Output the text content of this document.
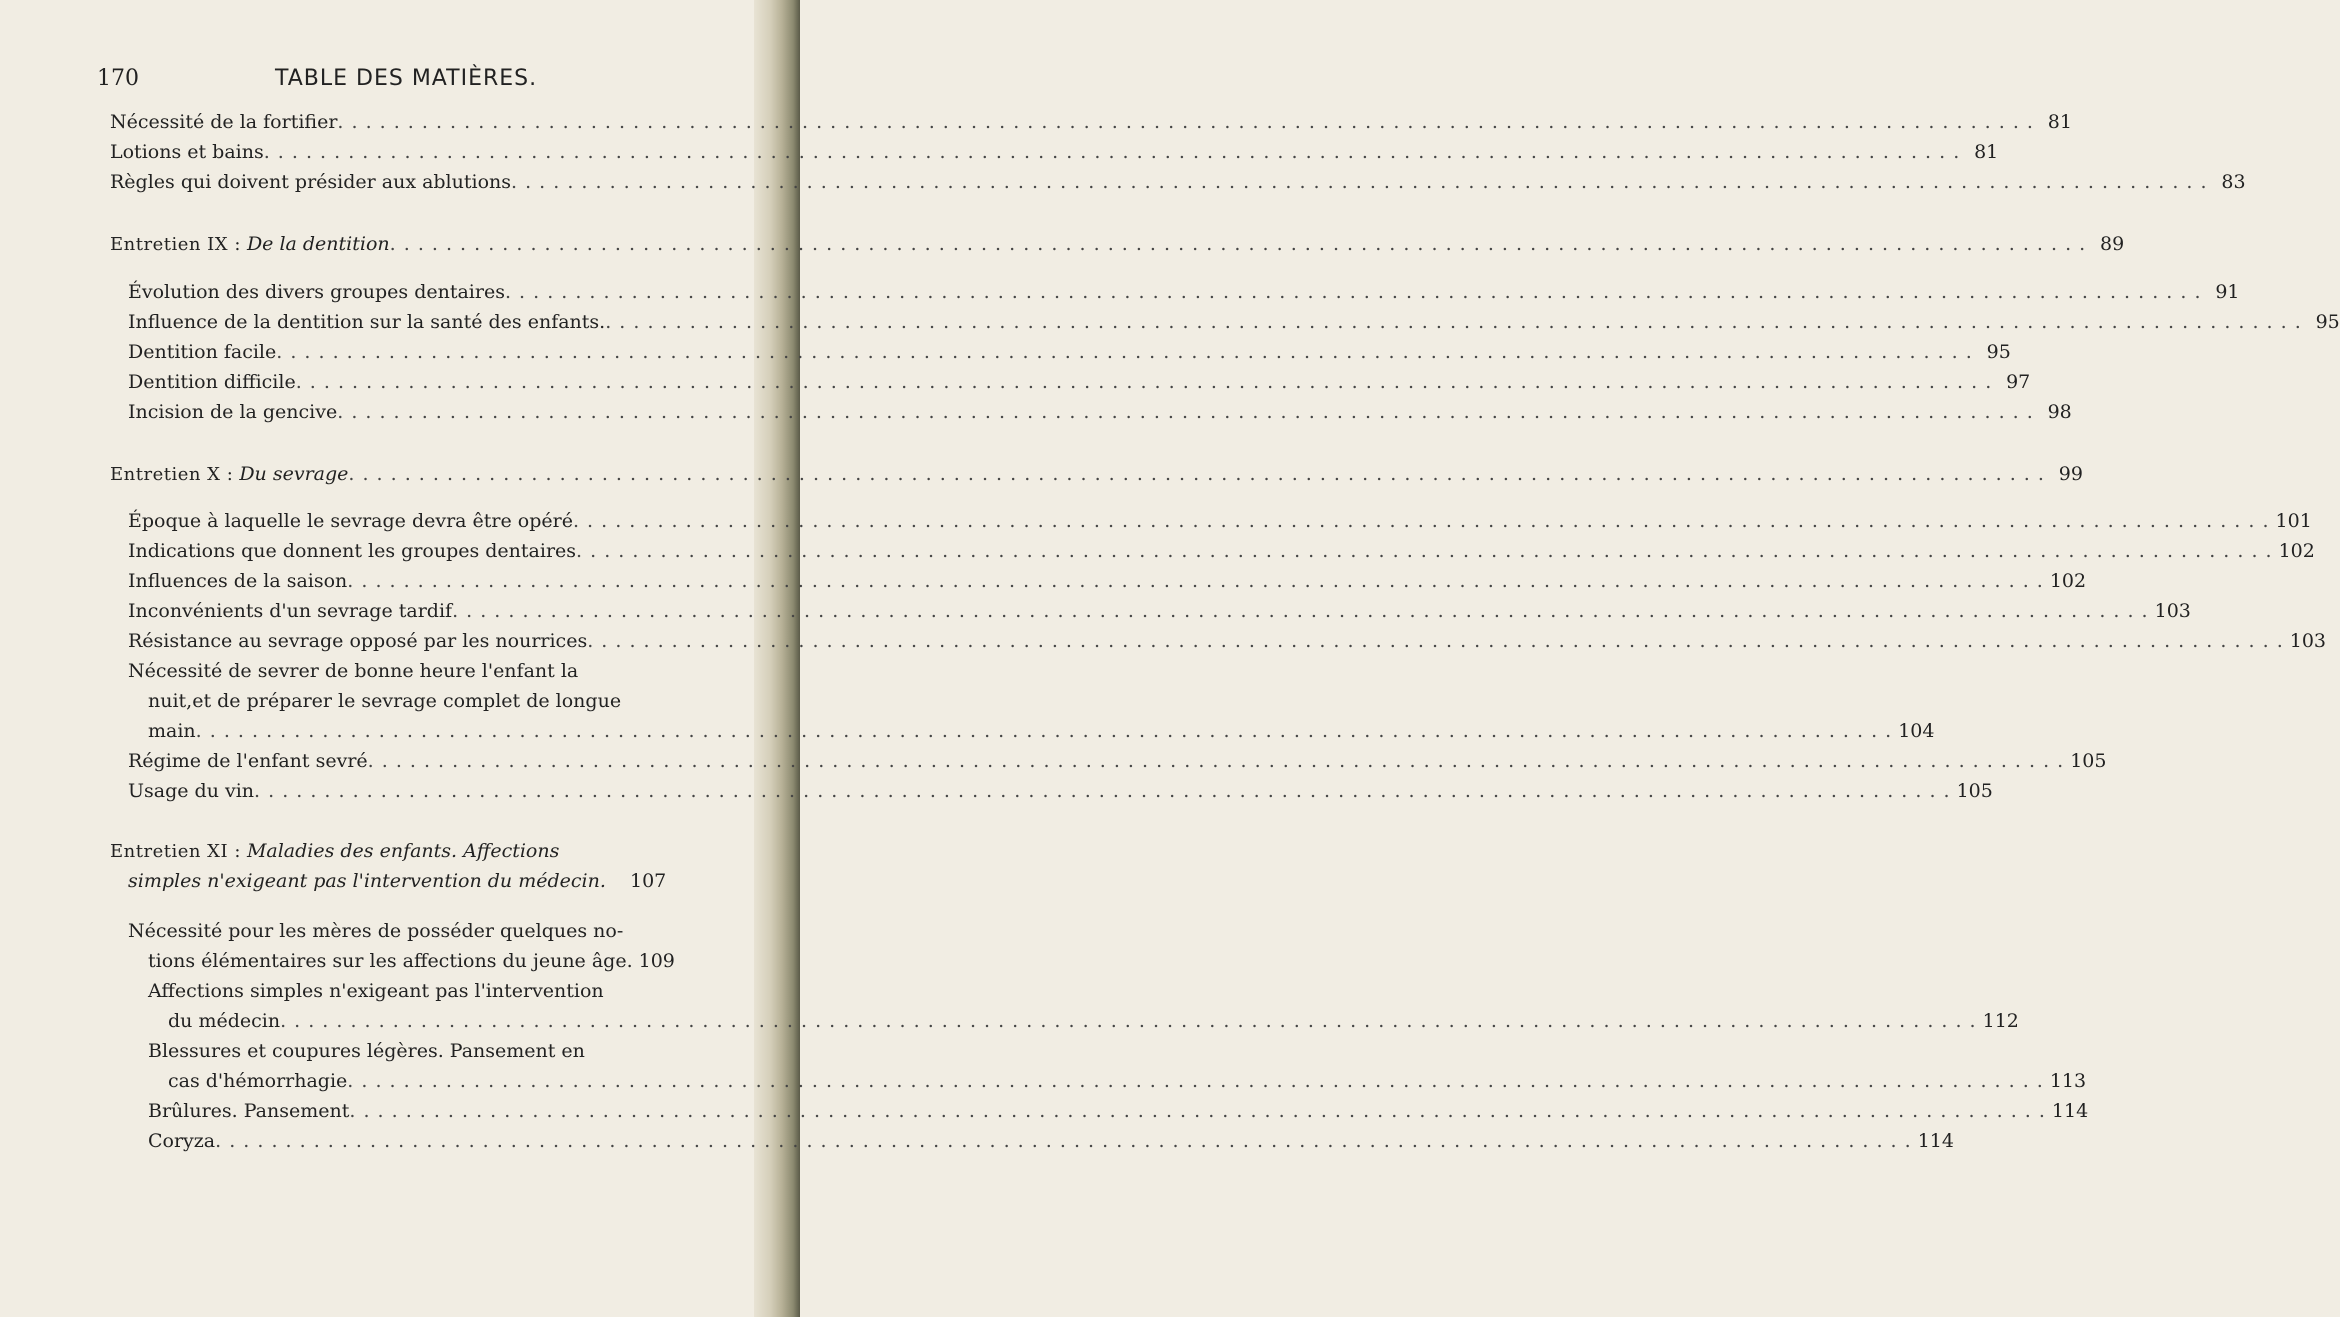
170	TABLE DES MATIÈRES.
Nécessité de la fortifier . . .	81
Lotions et bains . . .	81
Règles qui doivent présider aux ablutions . . .	83
Entretien IX : De la dentition . . .	89
Évolution des divers groupes dentaires . . .	91
Influence de la dentition sur la santé des enfants. . . .	95
Dentition facile . . .	95
Dentition difficile . . .	97
Incision de la gencive . . .	98
Entretien X : Du sevrage . . .	99
Époque à laquelle le sevrage devra être opéré . . .	101
Indications que donnent les groupes dentaires . . .	102
Influences de la saison . . .	102
Inconvénients d'un sevrage tardif . . .	103
Résistance au sevrage opposé par les nourrices . . .	103
Nécessité de sevrer de bonne heure l'enfant la
nuit,et de préparer le sevrage complet de longue
main . . .	104
Régime de l'enfant sevré . . .	105
Usage du vin . . .	105
Entretien XI : Maladies des enfants. Affections
simples n'exigeant pas l'intervention du médecin.	107
Nécessité pour les mères de posséder quelques no-
tions élémentaires sur les affections du jeune âge. 109
Affections simples n'exigeant pas l'intervention
du médecin . . .	112
Blessures et coupures légères. Pansement en
cas d'hémorrhagie . . .	113
Brûlures. Pansement . . .	114
Coryza . . .	114
